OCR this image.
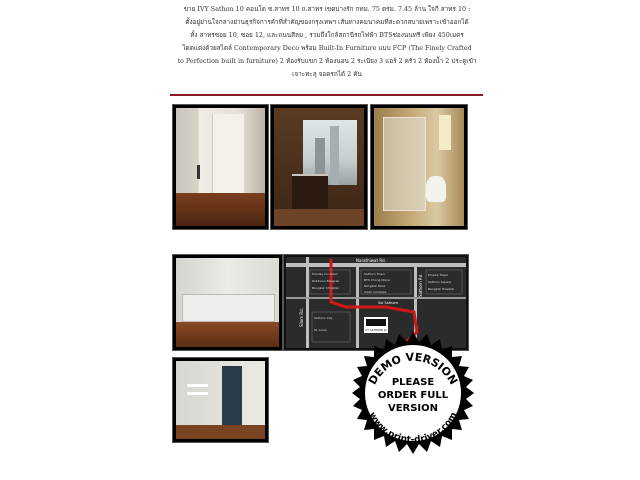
ขาย IVY Sathon 10 คอนโด ซ.สาทร 10 ถ.สาทร เขตบางรัก กทม. 75 ตรม. 7.45 ล้าน ใจกี่ สาทร 10 :

ตั้งอยู่ย่านใจกลางย่านธุรกิจการค้าที่สำคัญของกรุงเทพฯ เส้นทางคมนาคมที่สะดวกสบายเพราะเข้าออกได้

ทั้ง สาทรซอย 10, ซอย 12, และถนนสีลม , รวมถึงใกล้สถานีรถไฟฟ้า BTSช่องนนทรี เพียง 450เมตร

ไดตแต่งด้วยสไตล์ Contemporary Deco พร้อม Built-In Furniture แบบ FCP (The Finely Crafted

to Perfection built in furniture) 2 ห้องรับแขก 2 ห้องนอน 2 ระเบียง 3 แอร์ 2 ครัว 2 ห้องน้ำ 2 ประตูเข้า

เจาะทะลุ จอดรถได้ 2 คัน

Narathiwat Rd.
Silom Rd.
Sathorn Rd.
Soi Sathorn
Holiday Inn Silom
Robinson Bangrak
Bangkok Christian
Sathorn Thani
BTS Chong Nonsi
Bangkok Bank
Silom Complex
Empire Tower
Sathorn Square
Bangkok Hospital
Sathorn City
St. Louis	IVY SATHORN 10
DEMO VERSION
PLEASE
ORDER FULL
VERSION
www.print-driver.com
